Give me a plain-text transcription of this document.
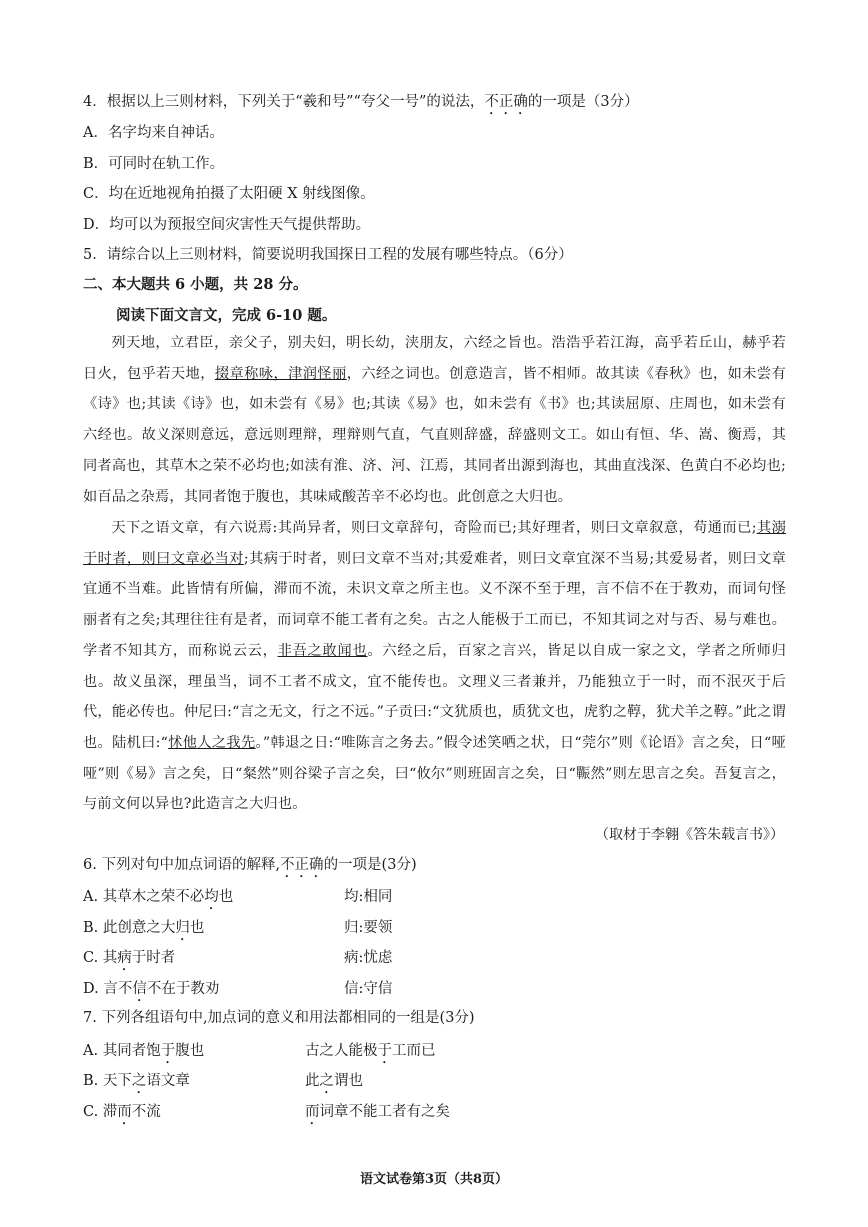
4．根据以上三则材料，下列关于“羲和号”“夸父一号”的说法，不正确的一项是（3分）
A．名字均来自神话。
B．可同时在轨工作。
C．均在近地视角拍摄了太阳硬 X 射线图像。
D．均可以为预报空间灾害性天气提供帮助。
5．请综合以上三则材料，简要说明我国探日工程的发展有哪些特点。（6分）
二、本大题共 6 小题，共 28 分。
阅读下面文言文，完成 6-10 题。
列天地，立君臣，亲父子，别夫妇，明长幼，浃朋友，六经之旨也。浩浩乎若江海，高乎若丘山，赫乎若日火，包乎若天地，掇章称咏，津润怪丽，六经之词也。创意造言，皆不相师。故其读《春秋》也，如未尝有《诗》也;其读《诗》也，如未尝有《易》也;其读《易》也，如未尝有《书》也;其读屈原、庄周也，如未尝有六经也。故义深则意远，意远则理辩，理辩则气直，气直则辞盛，辞盛则文工。如山有恒、华、嵩、衡焉，其同者高也，其草木之荣不必均也;如渎有淮、济、河、江焉，其同者出源到海也，其曲直浅深、色黄白不必均也;如百品之杂焉，其同者饱于腹也，其味咸酸苦辛不必均也。此创意之大归也。
天下之语文章，有六说焉:其尚异者，则曰文章辞句，奇险而已;其好理者，则曰文章叙意，苟通而已;其溺于时者，则曰文章必当对;其病于时者，则曰文章不当对;其爱难者，则曰文章宜深不当易;其爱易者，则曰文章宜通不当难。此皆情有所偏，滞而不流，未识文章之所主也。义不深不至于理，言不信不在于教劝，而词句怪丽者有之矣;其理往往有是者，而词章不能工者有之矣。古之人能极于工而已，不知其词之对与否、易与难也。学者不知其方，而称说云云，非吾之敢闻也。六经之后，百家之言兴，皆足以自成一家之文，学者之所师归也。故义虽深，理虽当，词不工者不成文，宜不能传也。文理义三者兼并，乃能独立于一时，而不泯灭于后代，能必传也。仲尼曰:“言之无文，行之不远。”子贡曰:“文犹质也，质犹文也，虎豹之鞟，犹犬羊之鞟。”此之谓也。陆机曰:“怵他人之我先。”韩退之日:“唯陈言之务去。”假令述笑哂之状，日“莞尔”则《论语》言之矣，日“哑哑”则《易》言之矣，日“粲然”则谷梁子言之矣，曰“攸尔”则班固言之矣，日“辴然”则左思言之矣。吾复言之，与前文何以异也?此造言之大归也。
（取材于李翱《答朱载言书》）
6. 下列对句中加点词语的解释,不正确的一项是(3分)
A. 其草木之荣不必均也	均:相同
B. 此创意之大归也	归:要领
C. 其病于时者	病:忧虑
D. 言不信不在于教劝	信:守信
7. 下列各组语句中,加点词的意义和用法都相同的一组是(3分)
A. 其同者饱于腹也	古之人能极于工而已
B. 天下之语文章	此之谓也
C. 滞而不流	而词章不能工者有之矣
语文试卷第3页（共8页）
